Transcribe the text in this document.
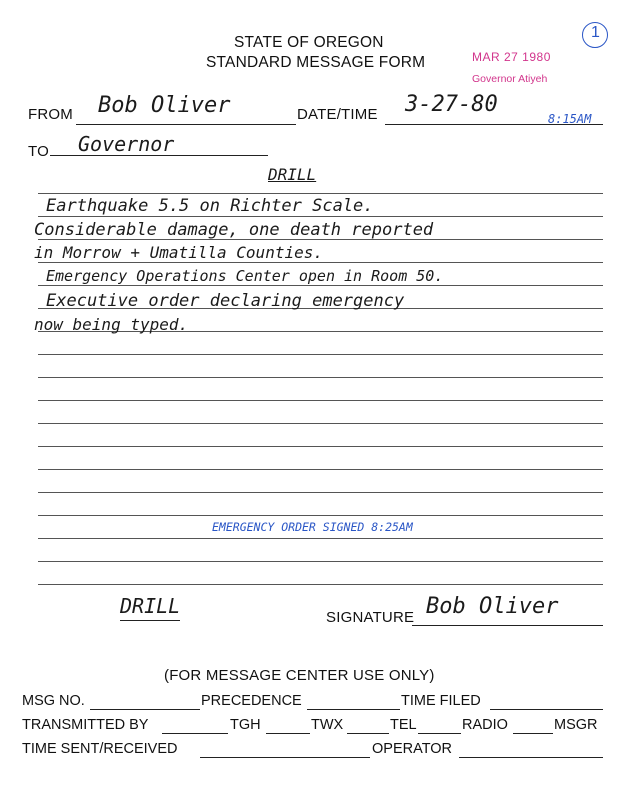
STATE OF OREGON
STANDARD MESSAGE FORM
1
MAR 27 1980
Governor Atiyeh
FROM Bob Oliver	DATE/TIME 3-27-80
8:15AM
TO Governor
DRILL
Earthquake 5.5 on Richter Scale.
Considerable damage, one death reported
in Morrow + Umatilla Counties.
Emergency Operations Center open in Room 50.
Executive order declaring emergency
now being typed.
EMERGENCY ORDER SIGNED 8:25AM
DRILL	SIGNATURE Bob Oliver
(FOR MESSAGE CENTER USE ONLY)
MSG NO.	PRECEDENCE	TIME FILED
TRANSMITTED BY	TGH	TWX	TEL	RADIO	MSGR
TIME SENT/RECEIVED	OPERATOR
